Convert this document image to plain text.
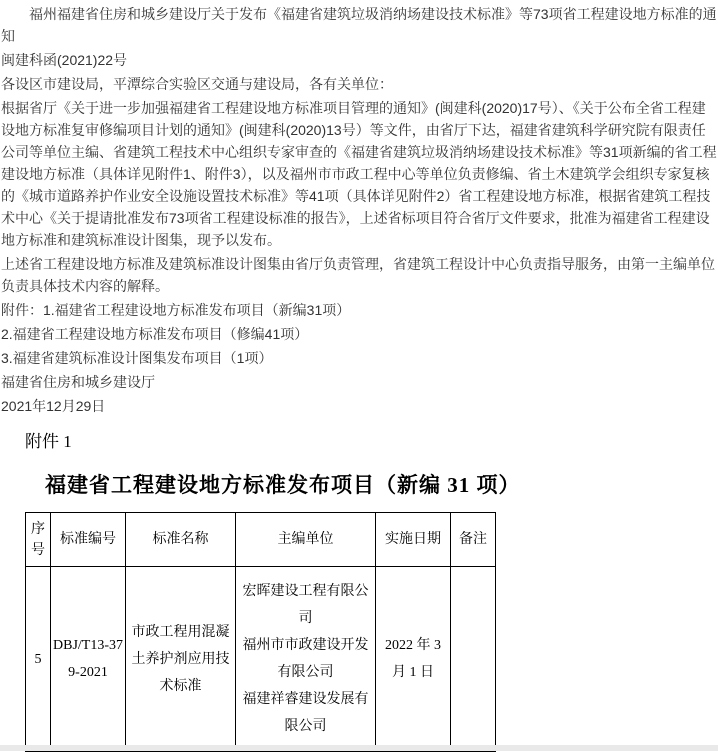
福州福建省住房和城乡建设厅关于发布《福建省建筑垃圾消纳场建设技术标准》等73项省工程建设地方标准的通知

闽建科函(2021)22号

各设区市建设局，平潭综合实验区交通与建设局，各有关单位：

根据省厅《关于进一步加强福建省工程建设地方标准项目管理的通知》(闽建科(2020)17号）、《关于公布全省工程建设地方标准复审修编项目计划的通知》(闽建科(2020)13号）等文件，由省厅下达，福建省建筑科学研究院有限责任公司等单位主编、省建筑工程技术中心组织专家审查的《福建省建筑垃圾消纳场建设技术标准》等31项新编的省工程建设地方标准（具体详见附件1、附件3），以及福州市市政工程中心等单位负责修编、省土木建筑学会组织专家复核的《城市道路养护作业安全设施设置技术标准》等41项（具体详见附件2）省工程建设地方标准，根据省建筑工程技术中心《关于提请批准发布73项省工程建设标准的报告》，上述省标项目符合省厅文件要求，批准为福建省工程建设地方标准和建筑标准设计图集，现予以发布。

上述省工程建设地方标准及建筑标准设计图集由省厅负责管理，省建筑工程设计中心负责指导服务，由第一主编单位负责具体技术内容的解释。

附件：1.福建省工程建设地方标准发布项目（新编31项）

2.福建省工程建设地方标准发布项目（修编41项）

3.福建省建筑标准设计图集发布项目（1项）

福建省住房和城乡建设厅

2021年12月29日

附件 1
福建省工程建设地方标准发布项目（新编 31 项）
序号	标准编号	标准名称	主编单位	实施日期	备注
5	DBJ/T13-379-2021	市政工程用混凝土养护剂应用技术标准	宏晖建设工程有限公司
福州市市政建设开发有限公司
福建祥睿建设发展有限公司	2022 年 3 月 1 日	
